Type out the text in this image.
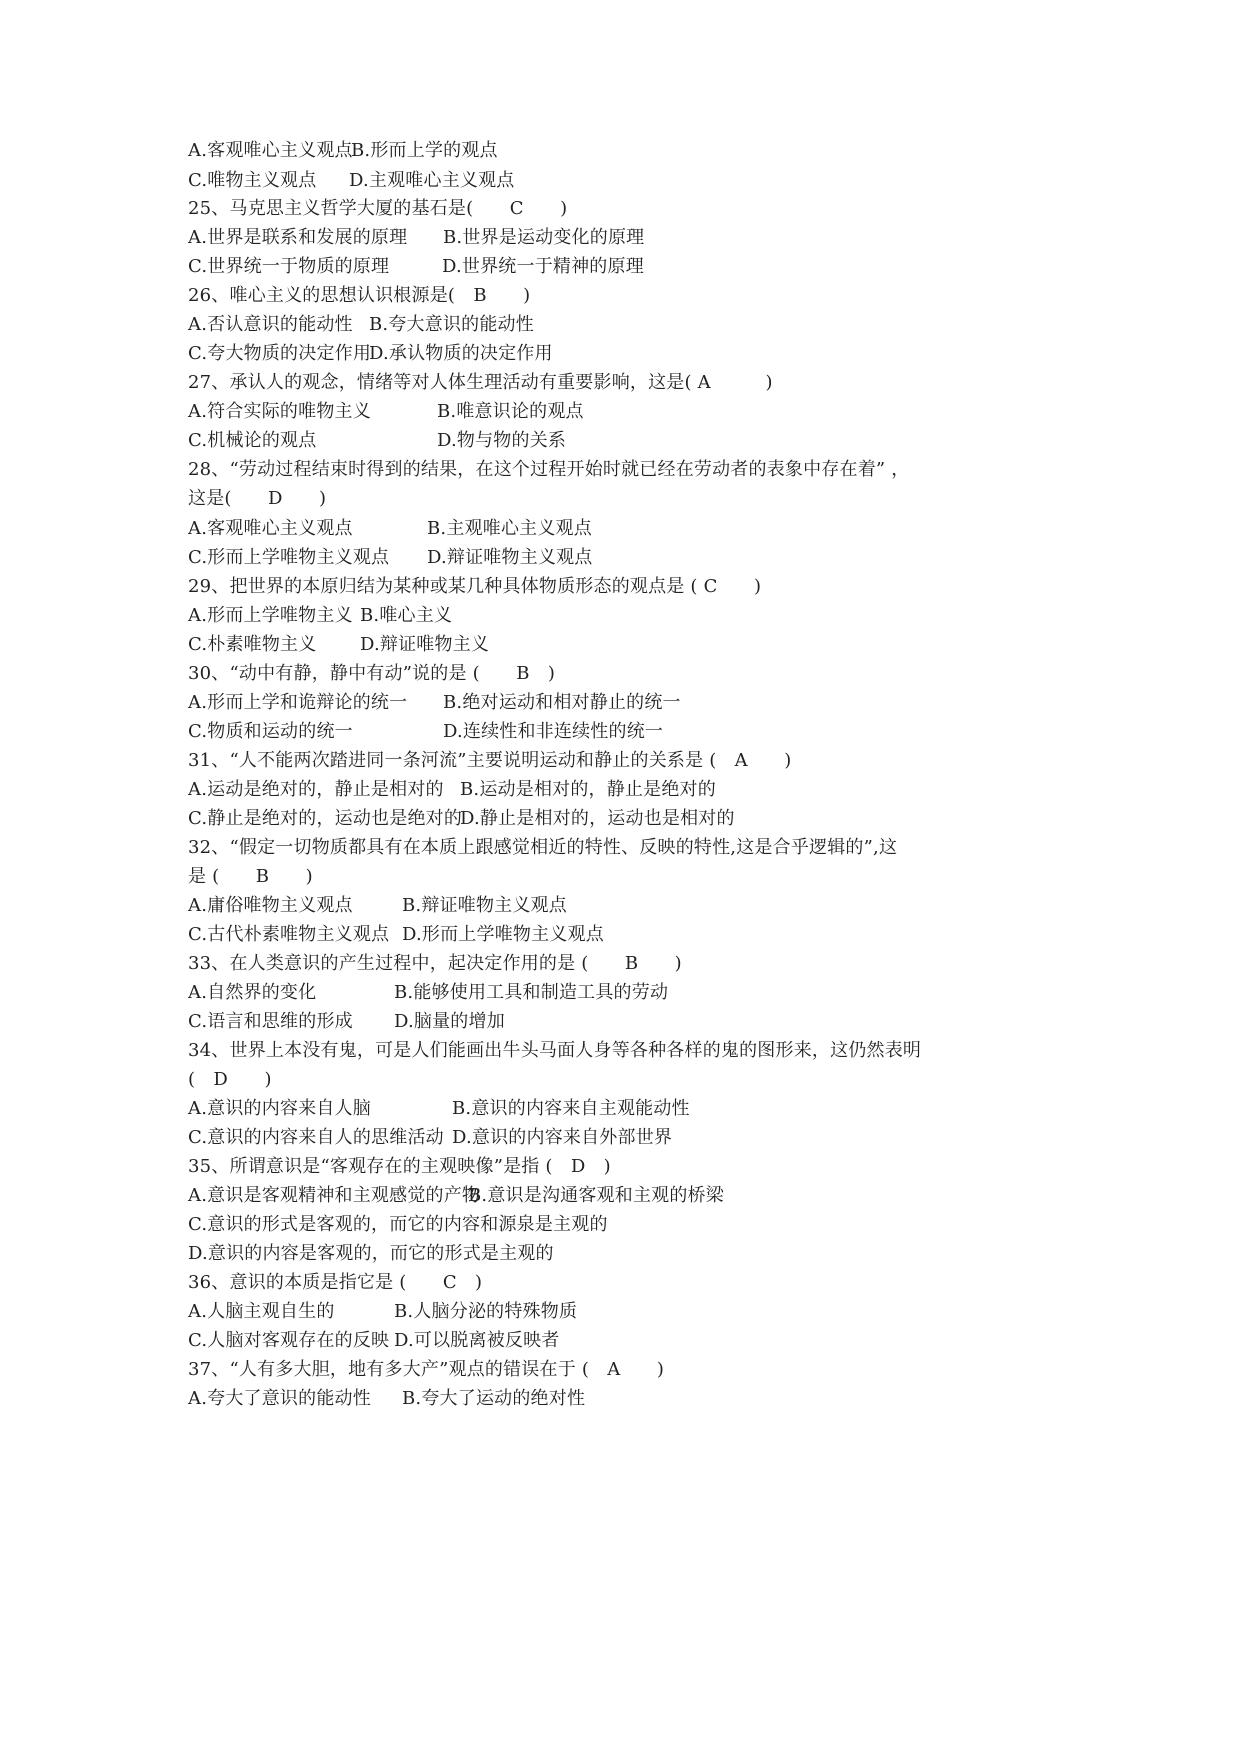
A.客观唯心主义观点
B.形而上学的观点
C.唯物主义观点 D.主观唯心主义观点
25、马克思主义哲学大厦的基石是(　　C　　)
A.世界是联系和发展的原理 B.世界是运动变化的原理
C.世界统一于物质的原理	D.世界统一于精神的原理
26、唯心主义的思想认识根源是(　B　　)
A.否认意识的能动性 B.夸大意识的能动性
C.夸大物质的决定作用
D.承认物质的决定作用
27、承认人的观念，情绪等对人体生理活动有重要影响，这是( A　　　)
A.符合实际的唯物主义	B.唯意识论的观点
C.机械论的观点	D.物与物的关系
28、“劳动过程结束时得到的结果，在这个过程开始时就已经在劳动者的表象中存在着” ，
这是(　　D　　)
A.客观唯心主义观点	B.主观唯心主义观点
C.形而上学唯物主义观点 D.辩证唯物主义观点
29、把世界的本原归结为某种或某几种具体物质形态的观点是 ( C　　)
A.形而上学唯物主义 B.唯心主义
C.朴素唯物主义 D.辩证唯物主义
30、“动中有静，静中有动”说的是 (　　B　)
A.形而上学和诡辩论的统一 B.绝对运动和相对静止的统一
C.物质和运动的统一	D.连续性和非连续性的统一
31、“人不能两次踏进同一条河流”主要说明运动和静止的关系是 (　A　　)
A.运动是绝对的，静止是相对的 B.运动是相对的，静止是绝对的
C.静止是绝对的，运动也是绝对的
D.静止是相对的，运动也是相对的
32、“假定一切物质都具有在本质上跟感觉相近的特性、反映的特性,这是合乎逻辑的”,这
是 (　　B　　)
A.庸俗唯物主义观点	B.辩证唯物主义观点
C.古代朴素唯物主义观点 D.形而上学唯物主义观点
33、在人类意识的产生过程中，起决定作用的是 (　　B　　)
A.自然界的变化	B.能够使用工具和制造工具的劳动
C.语言和思维的形成 D.脑量的增加
34、世界上本没有鬼，可是人们能画出牛头马面人身等各种各样的鬼的图形来，这仍然表明
(　D　　)
A.意识的内容来自人脑	B.意识的内容来自主观能动性
C.意识的内容来自人的思维活动 D.意识的内容来自外部世界
35、所谓意识是“客观存在的主观映像”是指 (　D　)
A.意识是客观精神和主观感觉的产物
B.意识是沟通客观和主观的桥梁
C.意识的形式是客观的，而它的内容和源泉是主观的
D.意识的内容是客观的，而它的形式是主观的
36、意识的本质是指它是 (　　C　)
A.人脑主观自生的	B.人脑分泌的特殊物质
C.人脑对客观存在的反映 D.可以脱离被反映者
37、“人有多大胆，地有多大产”观点的错误在于 (　A　　)
A.夸大了意识的能动性 B.夸大了运动的绝对性
